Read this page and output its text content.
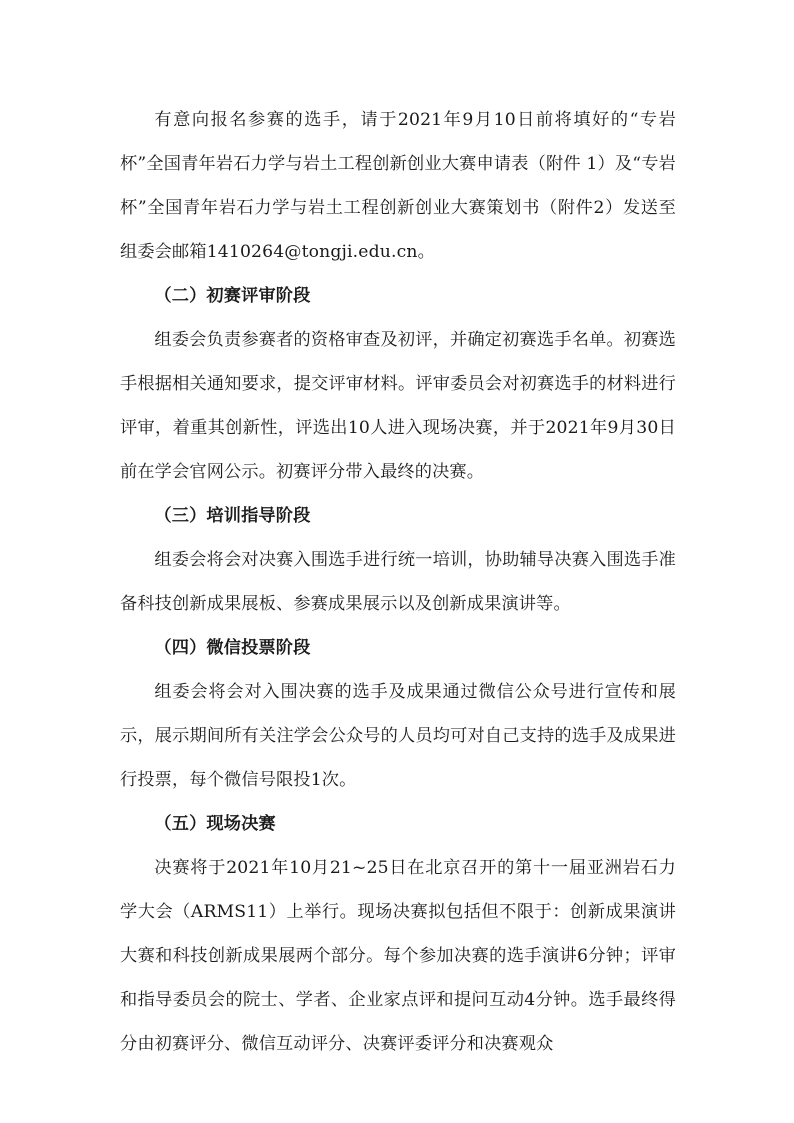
有意向报名参赛的选手，请于2021年9月10日前将填好的“专岩杯”全国青年岩石力学与岩土工程创新创业大赛申请表（附件 1）及“专岩杯”全国青年岩石力学与岩土工程创新创业大赛策划书（附件2）发送至组委会邮箱1410264@tongji.edu.cn。

（二）初赛评审阶段

组委会负责参赛者的资格审查及初评，并确定初赛选手名单。初赛选手根据相关通知要求，提交评审材料。评审委员会对初赛选手的材料进行评审，着重其创新性，评选出10人进入现场决赛，并于2021年9月30日前在学会官网公示。初赛评分带入最终的决赛。

（三）培训指导阶段

组委会将会对决赛入围选手进行统一培训，协助辅导决赛入围选手准备科技创新成果展板、参赛成果展示以及创新成果演讲等。

（四）微信投票阶段

组委会将会对入围决赛的选手及成果通过微信公众号进行宣传和展示，展示期间所有关注学会公众号的人员均可对自己支持的选手及成果进行投票，每个微信号限投1次。

（五）现场决赛

决赛将于2021年10月21~25日在北京召开的第十一届亚洲岩石力学大会（ARMS11）上举行。现场决赛拟包括但不限于：创新成果演讲大赛和科技创新成果展两个部分。每个参加决赛的选手演讲6分钟；评审和指导委员会的院士、学者、企业家点评和提问互动4分钟。选手最终得分由初赛评分、微信互动评分、决赛评委评分和决赛观众
